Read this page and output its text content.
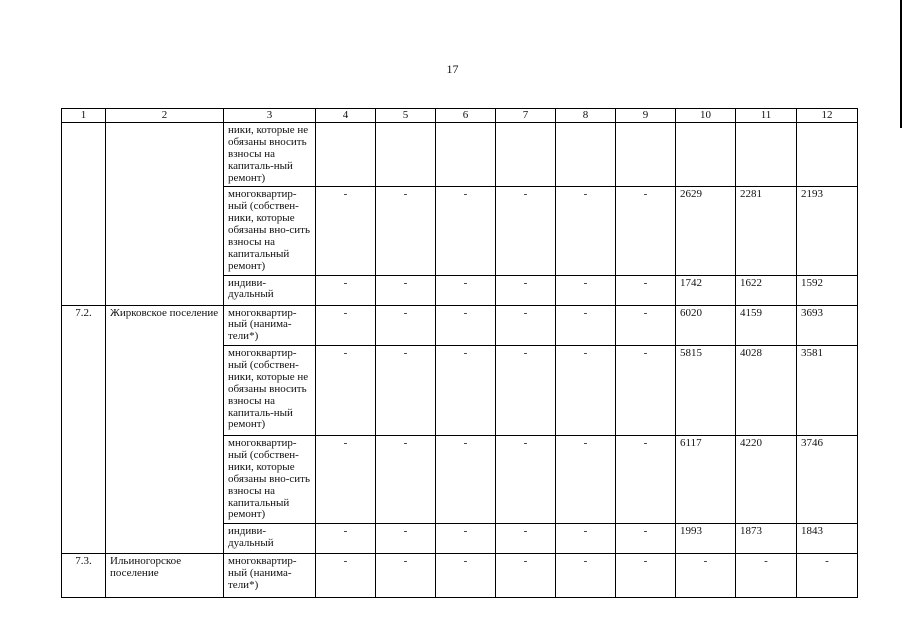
17
1	2	3	4	5	6	7	8	9	10	11	12
		ники, которые не обязаны вносить взносы на капиталь-ный ремонт)									
		многоквартир-ный (собствен-ники, которые обязаны вно-сить взносы на капитальный ремонт)	-	-	-	-	-	-	2629	2281	2193
		индиви-дуальный	-	-	-	-	-	-	1742	1622	1592
7.2.	Жирковское поселение	многоквартир-ный (нанима-тели*)	-	-	-	-	-	-	6020	4159	3693
		многоквартир-ный (собствен-ники, которые не обязаны вносить взносы на капиталь-ный ремонт)	-	-	-	-	-	-	5815	4028	3581
		многоквартир-ный (собствен-ники, которые обязаны вно-сить взносы на капитальный ремонт)	-	-	-	-	-	-	6117	4220	3746
		индиви-дуальный	-	-	-	-	-	-	1993	1873	1843
7.3.	Ильиногорское поселение	многоквартир-ный (нанима-тели*)	-	-	-	-	-	-	-	-	-
